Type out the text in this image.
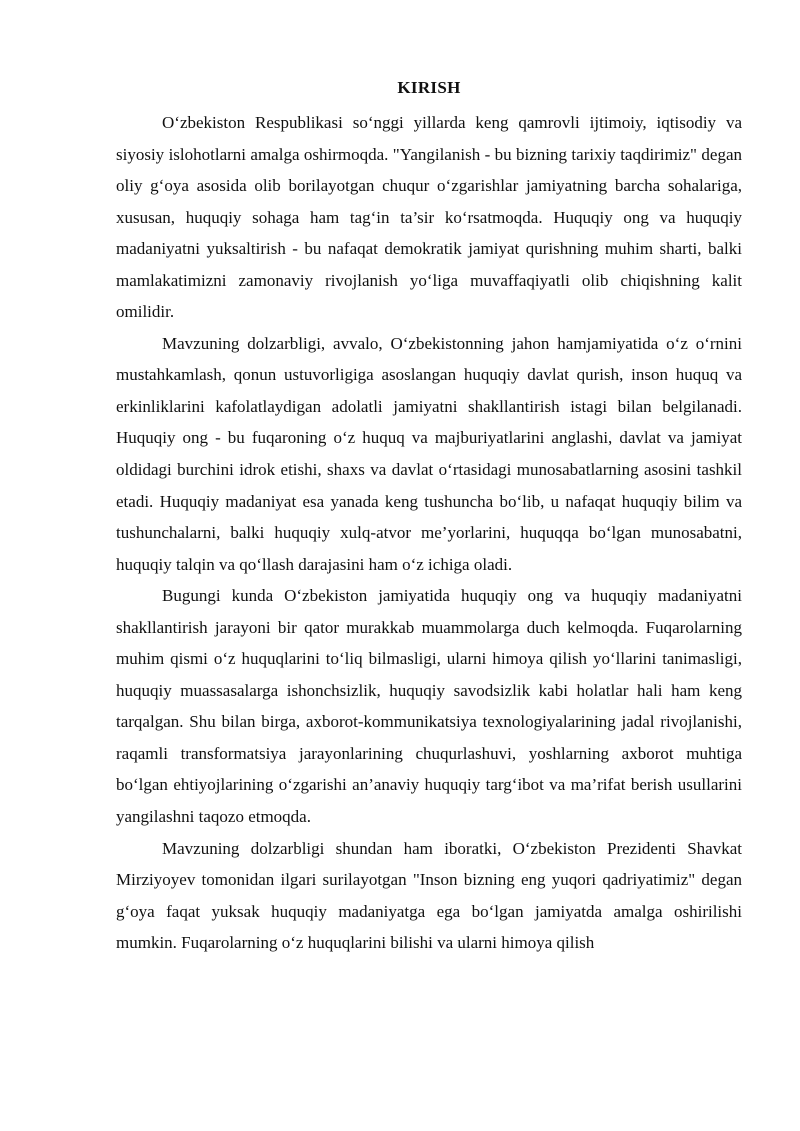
KIRISH

O‘zbekiston Respublikasi so‘nggi yillarda keng qamrovli ijtimoiy, iqtisodiy va siyosiy islohotlarni amalga oshirmoqda. "Yangilanish - bu bizning tarixiy taqdirimiz" degan oliy g‘oya asosida olib borilayotgan chuqur o‘zgarishlar jamiyatning barcha sohalariga, xususan, huquqiy sohaga ham tag‘in ta’sir ko‘rsatmoqda. Huquqiy ong va huquqiy madaniyatni yuksaltirish - bu nafaqat demokratik jamiyat qurishning muhim sharti, balki mamlakatimizni zamonaviy rivojlanish yo‘liga muvaffaqiyatli olib chiqishning kalit omilidir.

Mavzuning dolzarbligi, avvalo, O‘zbekistonning jahon hamjamiyatida o‘z o‘rnini mustahkamlash, qonun ustuvorligiga asoslangan huquqiy davlat qurish, inson huquq va erkinliklarini kafolatlaydigan adolatli jamiyatni shakllantirish istagi bilan belgilanadi. Huquqiy ong - bu fuqaroning o‘z huquq va majburiyatlarini anglashi, davlat va jamiyat oldidagi burchini idrok etishi, shaxs va davlat o‘rtasidagi munosabatlarning asosini tashkil etadi. Huquqiy madaniyat esa yanada keng tushuncha bo‘lib, u nafaqat huquqiy bilim va tushunchalarni, balki huquqiy xulq-atvor me’yorlarini, huquqqa bo‘lgan munosabatni, huquqiy talqin va qo‘llash darajasini ham o‘z ichiga oladi.

Bugungi kunda O‘zbekiston jamiyatida huquqiy ong va huquqiy madaniyatni shakllantirish jarayoni bir qator murakkab muammolarga duch kelmoqda. Fuqarolarning muhim qismi o‘z huquqlarini to‘liq bilmasligi, ularni himoya qilish yo‘llarini tanimasligi, huquqiy muassasalarga ishonchsizlik, huquqiy savodsizlik kabi holatlar hali ham keng tarqalgan. Shu bilan birga, axborot-kommunikatsiya texnologiyalarining jadal rivojlanishi, raqamli transformatsiya jarayonlarining chuqurlashuvi, yoshlarning axborot muhtiga bo‘lgan ehtiyojlarining o‘zgarishi an’anaviy huquqiy targ‘ibot va ma’rifat berish usullarini yangilashni taqozo etmoqda.

Mavzuning dolzarbligi shundan ham iboratki, O‘zbekiston Prezidenti Shavkat Mirziyoyev tomonidan ilgari surilayotgan "Inson bizning eng yuqori qadriyatimiz" degan g‘oya faqat yuksak huquqiy madaniyatga ega bo‘lgan jamiyatda amalga oshirilishi mumkin. Fuqarolarning o‘z huquqlarini bilishi va ularni himoya qilish
